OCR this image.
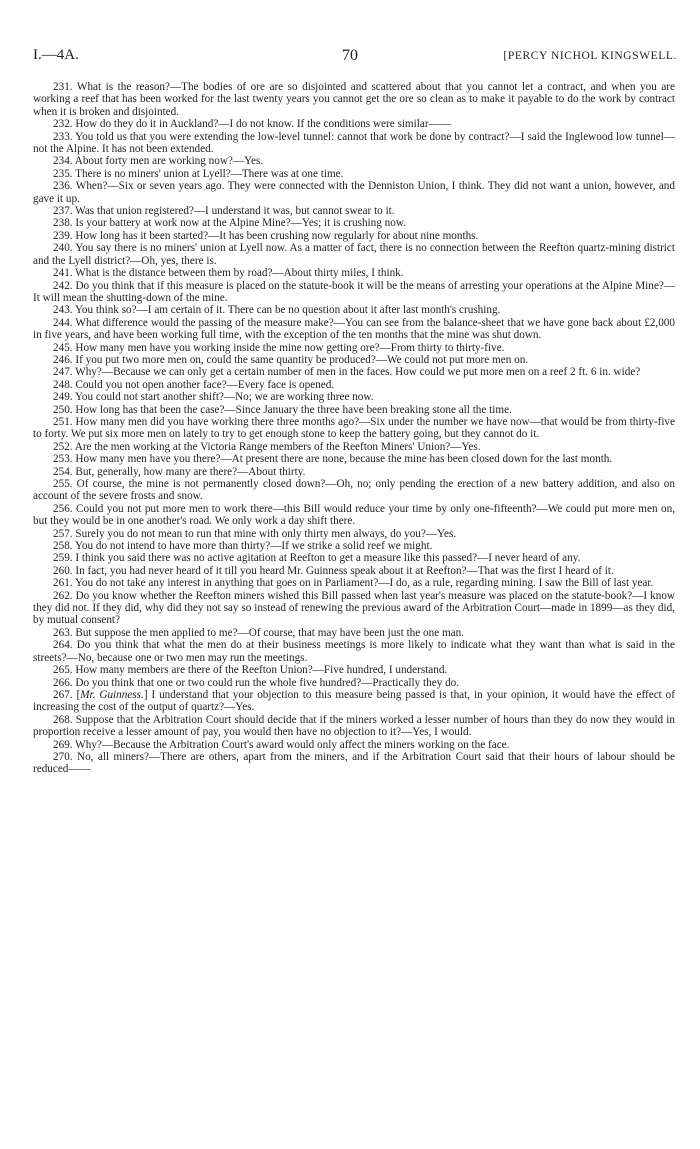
I.—4A.	70	[PERCY NICHOL KINGSWELL.

231. What is the reason?—The bodies of ore are so disjointed and scattered about that you cannot let a contract, and when you are working a reef that has been worked for the last twenty years you cannot get the ore so clean as to make it payable to do the work by contract when it is broken and disjointed.

232. How do they do it in Auckland?—I do not know. If the conditions were similar——

233. You told us that you were extending the low-level tunnel: cannot that work be done by contract?—I said the Inglewood low tunnel—not the Alpine. It has not been extended.

234. About forty men are working now?—Yes.

235. There is no miners' union at Lyell?—There was at one time.

236. When?—Six or seven years ago. They were connected with the Denniston Union, I think. They did not want a union, however, and gave it up.

237. Was that union registered?—I understand it was, but cannot swear to it.

238. Is your battery at work now at the Alpine Mine?—Yes; it is crushing now.

239. How long has it been started?—It has been crushing now regularly for about nine months.

240. You say there is no miners' union at Lyell now. As a matter of fact, there is no connection between the Reefton quartz-mining district and the Lyell district?—Oh, yes, there is.

241. What is the distance between them by road?—About thirty miles, I think.

242. Do you think that if this measure is placed on the statute-book it will be the means of arresting your operations at the Alpine Mine?—It will mean the shutting-down of the mine.

243. You think so?—I am certain of it. There can be no question about it after last month's crushing.

244. What difference would the passing of the measure make?—You can see from the balance-sheet that we have gone back about £2,000 in five years, and have been working full time, with the exception of the ten months that the mine was shut down.

245. How many men have you working inside the mine now getting ore?—From thirty to thirty-five.

246. If you put two more men on, could the same quantity be produced?—We could not put more men on.

247. Why?—Because we can only get a certain number of men in the faces. How could we put more men on a reef 2 ft. 6 in. wide?

248. Could you not open another face?—Every face is opened.

249. You could not start another shift?—No; we are working three now.

250. How long has that been the case?—Since January the three have been breaking stone all the time.

251. How many men did you have working there three months ago?—Six under the number we have now—that would be from thirty-five to forty. We put six more men on lately to try to get enough stone to keep the battery going, but they cannot do it.

252. Are the men working at the Victoria Range members of the Reefton Miners' Union?—Yes.

253. How many men have you there?—At present there are none, because the mine has been closed down for the last month.

254. But, generally, how many are there?—About thirty.

255. Of course, the mine is not permanently closed down?—Oh, no; only pending the erection of a new battery addition, and also on account of the severe frosts and snow.

256. Could you not put more men to work there—this Bill would reduce your time by only one-fifteenth?—We could put more men on, but they would be in one another's road. We only work a day shift there.

257. Surely you do not mean to run that mine with only thirty men always, do you?—Yes.

258. You do not intend to have more than thirty?—If we strike a solid reef we might.

259. I think you said there was no active agitation at Reefton to get a measure like this passed?—I never heard of any.

260. In fact, you had never heard of it till you heard Mr. Guinness speak about it at Reefton?—That was the first I heard of it.

261. You do not take any interest in anything that goes on in Parliament?—I do, as a rule, regarding mining. I saw the Bill of last year.

262. Do you know whether the Reefton miners wished this Bill passed when last year's measure was placed on the statute-book?—I know they did not. If they did, why did they not say so instead of renewing the previous award of the Arbitration Court—made in 1899—as they did, by mutual consent?

263. But suppose the men applied to me?—Of course, that may have been just the one man.

264. Do you think that what the men do at their business meetings is more likely to indicate what they want than what is said in the streets?—No, because one or two men may run the meetings.

265. How many members are there of the Reefton Union?—Five hundred, I understand.

266. Do you think that one or two could run the whole five hundred?—Practically they do.

267. [Mr. Guinness.] I understand that your objection to this measure being passed is that, in your opinion, it would have the effect of increasing the cost of the output of quartz?—Yes.

268. Suppose that the Arbitration Court should decide that if the miners worked a lesser number of hours than they do now they would in proportion receive a lesser amount of pay, you would then have no objection to it?—Yes, I would.

269. Why?—Because the Arbitration Court's award would only affect the miners working on the face.

270. No, all miners?—There are others, apart from the miners, and if the Arbitration Court said that their hours of labour should be reduced——
